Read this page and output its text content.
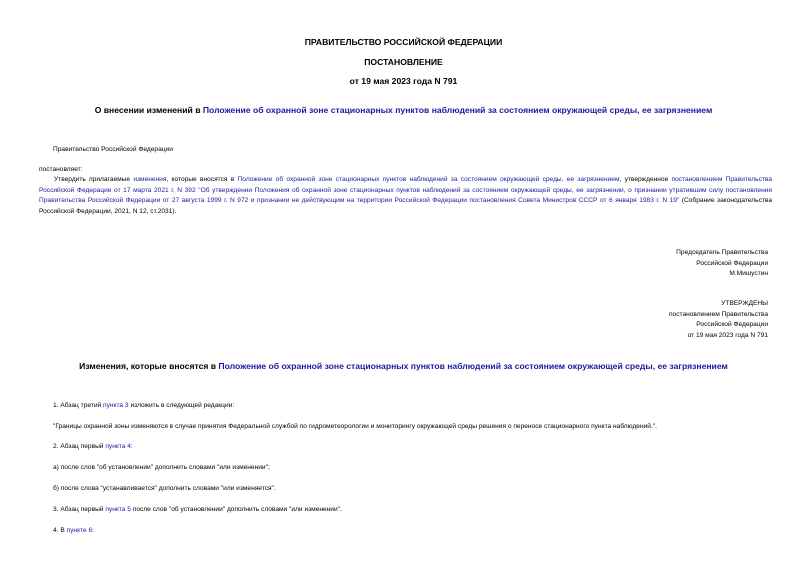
ПРАВИТЕЛЬСТВО РОССИЙСКОЙ ФЕДЕРАЦИИ
ПОСТАНОВЛЕНИЕ
от 19 мая 2023 года N 791
О внесении изменений в Положение об охранной зоне стационарных пунктов наблюдений за состоянием окружающей среды, ее загрязнением
Правительство Российской Федерации
постановляет:
Утвердить прилагаемые изменения, которые вносятся в Положение об охранной зоне стационарных пунктов наблюдений за состоянием окружающей среды, ее загрязнением, утвержденное постановлением Правительства Российской Федерации от 17 марта 2021 г. N 392 "Об утверждении Положения об охранной зоне стационарных пунктов наблюдений за состоянием окружающей среды, ее загрязнении, о признании утратившим силу постановления Правительства Российской Федерации от 27 августа 1999 г. N 972 и признании не действующим на территории Российской Федерации постановления Совета Министров СССР от 6 января 1983 г. N 19" (Собрание законодательства Российской Федерации, 2021, N 12, ст.2031).
Председатель Правительства
Российской Федерации
М.Мишустин
УТВЕРЖДЕНЫ
постановлением Правительства
Российской Федерации
от 19 мая 2023 года N 791
Изменения, которые вносятся в Положение об охранной зоне стационарных пунктов наблюдений за состоянием окружающей среды, ее загрязнением
1. Абзац третий пункта 3 изложить в следующей редакции:
"Границы охранной зоны изменяются в случае принятия Федеральной службой по гидрометеорологии и мониторингу окружающей среды решения о переносе стационарного пункта наблюдений.".
2. Абзац первый пункта 4:
а) после слов "об установлении" дополнить словами "или изменении";
б) после слова "устанавливается" дополнить словами "или изменяется".
3. Абзац первый пункта 5 после слов "об установлении" дополнить словами "или изменении".
4. В пункте 6:
